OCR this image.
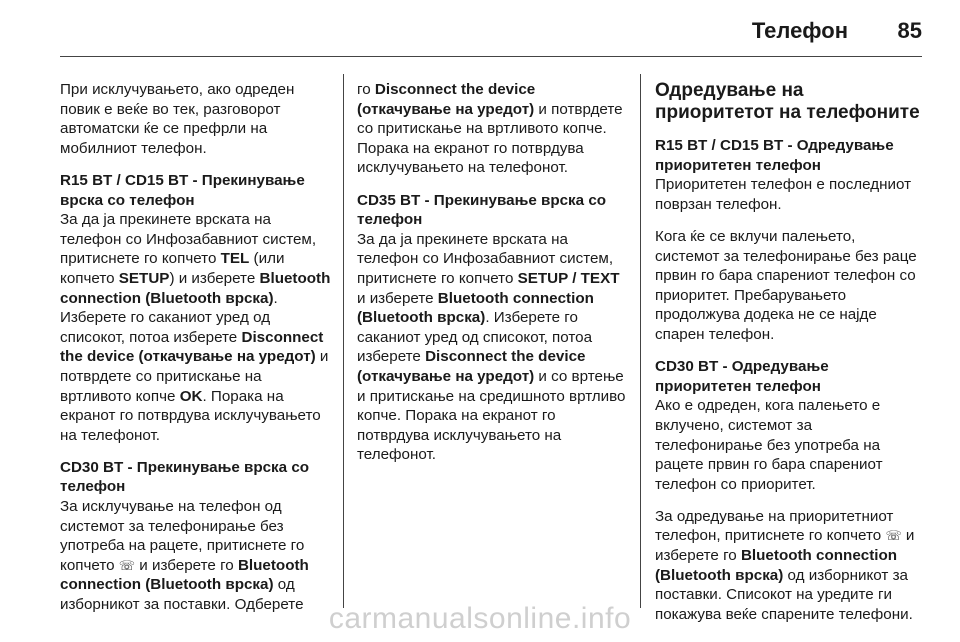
Телефон 85

При исклучувањето, ако одреден повик е веќе во тек, разговорот автоматски ќе се префрли на мобилниот телефон.

R15 BT / CD15 BT - Прекинување врска со телефон

За да ја прекинете врската на телефон со Инфозабавниот систем, притиснете го копчето TEL (или копчето SETUP) и изберете Bluetooth connection (Bluetooth врска). Изберете го саканиот уред од списокот, потоа изберете Disconnect the device (откачување на уредот) и потврдете со притискање на вртливото копче OK. Порака на екранот го потврдува исклучувањето на телефонот.

CD30 BT - Прекинување врска со телефон

За исклучување на телефон од системот за телефонирање без употреба на рацете, притиснете го копчето ☏ и изберете го Bluetooth connection (Bluetooth врска) од изборникот за поставки. Одберете

го Disconnect the device (откачување на уредот) и потврдете со притискање на вртливото копче. Порака на екранот го потврдува исклучувањето на телефонот.

CD35 BT - Прекинување врска со телефон

За да ја прекинете врската на телефон со Инфозабавниот систем, притиснете го копчето SETUP / TEXT и изберете Bluetooth connection (Bluetooth врска). Изберете го саканиот уред од списокот, потоа изберете Disconnect the device (откачување на уредот) и со вртење и притискање на средишното вртливо копче. Порака на екранот го потврдува исклучувањето на телефонот.

Одредување на приоритетот на телефоните
R15 BT / CD15 BT - Одредување приоритетен телефон

Приоритетен телефон е последниот поврзан телефон.

Кога ќе се вклучи палењето, системот за телефонирање без раце првин го бара спарениот телефон со приоритет. Пребарувањето продолжува додека не се најде спарен телефон.

CD30 BT - Одредување приоритетен телефон

Ако е одреден, кога палењето е вклучено, системот за телефонирање без употреба на рацете првин го бара спарениот телефон со приоритет.

За одредување на приоритетниот телефон, притиснете го копчето ☏ и изберете го Bluetooth connection (Bluetooth врска) од изборникот за поставки. Списокот на уредите ги покажува веќе спарените телефони.

carmanualsonline.info
